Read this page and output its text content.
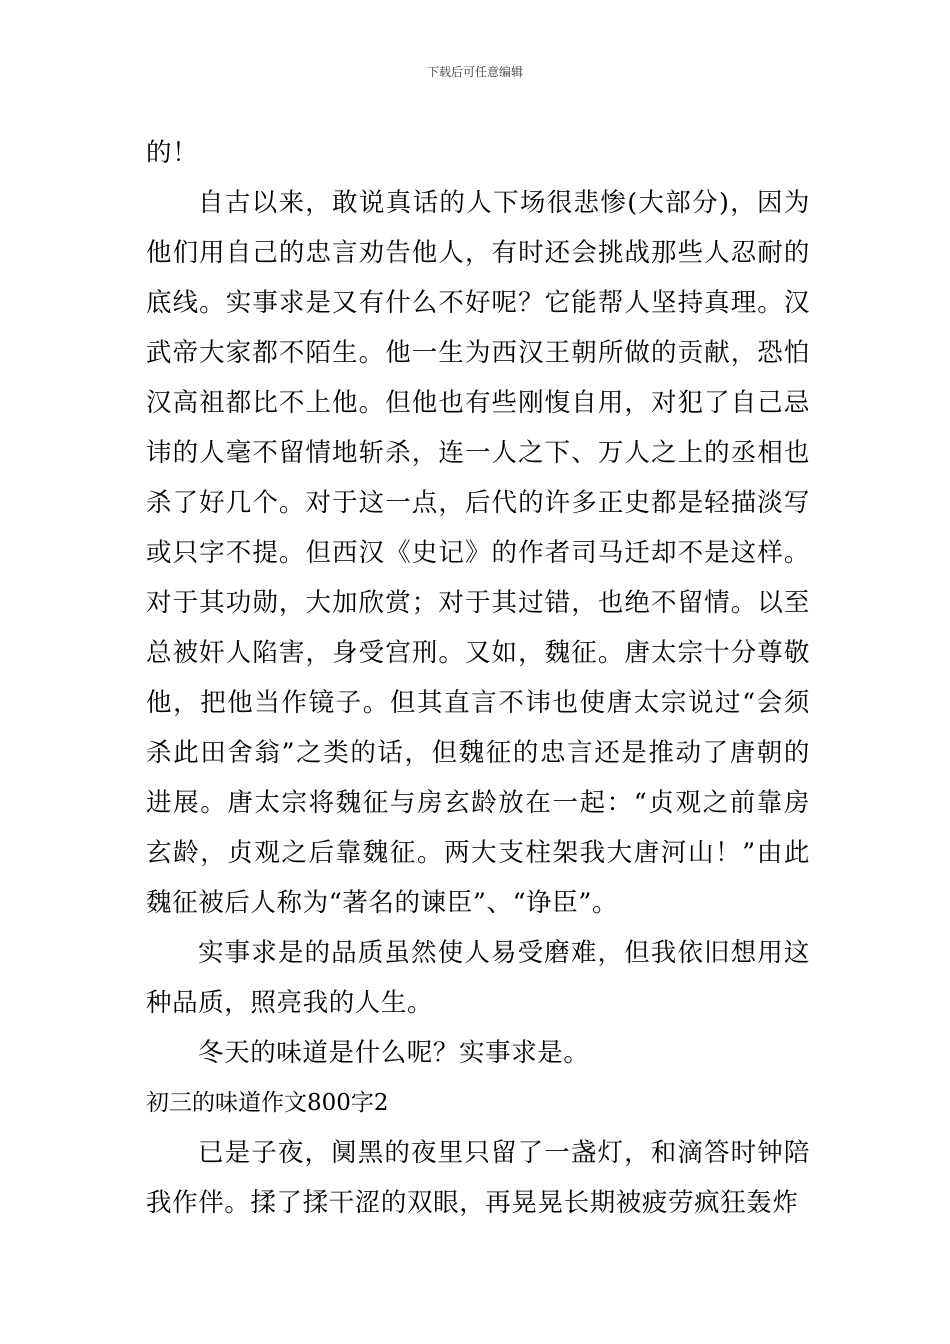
下载后可任意编辑

的！

自古以来，敢说真话的人下场很悲惨(大部分)，因为他们用自己的忠言劝告他人，有时还会挑战那些人忍耐的底线。实事求是又有什么不好呢？它能帮人坚持真理。汉武帝大家都不陌生。他一生为西汉王朝所做的贡献，恐怕汉高祖都比不上他。但他也有些刚愎自用，对犯了自己忌讳的人毫不留情地斩杀，连一人之下、万人之上的丞相也杀了好几个。对于这一点，后代的许多正史都是轻描淡写或只字不提。但西汉《史记》的作者司马迁却不是这样。对于其功勋，大加欣赏；对于其过错，也绝不留情。以至总被奸人陷害，身受宫刑。又如，魏征。唐太宗十分尊敬他，把他当作镜子。但其直言不讳也使唐太宗说过“会须杀此田舍翁”之类的话，但魏征的忠言还是推动了唐朝的进展。唐太宗将魏征与房玄龄放在一起：“贞观之前靠房玄龄，贞观之后靠魏征。两大支柱架我大唐河山！”由此魏征被后人称为“著名的谏臣”、“诤臣”。

实事求是的品质虽然使人易受磨难，但我依旧想用这种品质，照亮我的人生。

冬天的味道是什么呢？实事求是。

初三的味道作文800字2

已是子夜，阒黑的夜里只留了一盏灯，和滴答时钟陪我作伴。揉了揉干涩的双眼，再晃晃长期被疲劳疯狂轰炸
